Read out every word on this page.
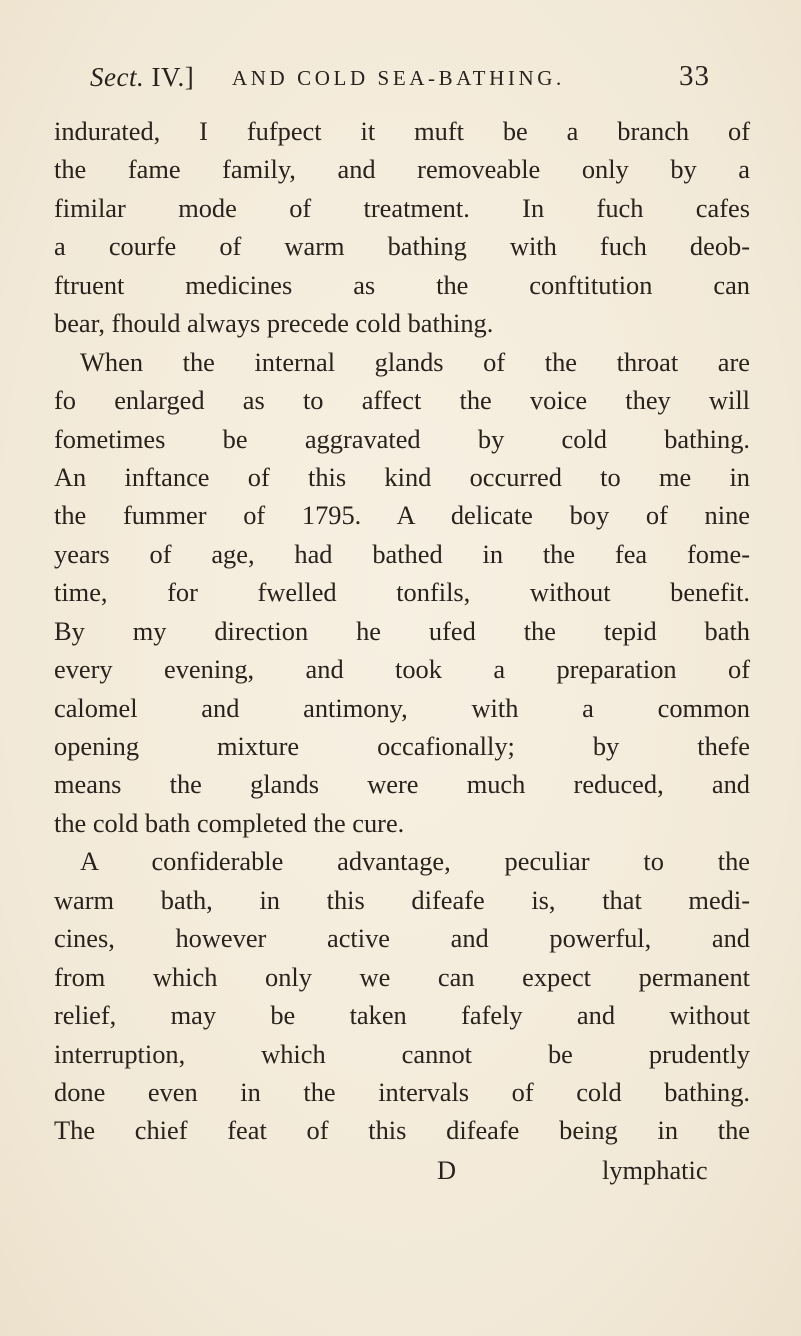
Sect. IV.] AND COLD SEA-BATHING.	33
indurated, I fufpect it muft be a branch of
the fame family, and removeable only by a
fimilar mode of treatment. In fuch cafes
a courfe of warm bathing with fuch deob-
ftruent medicines as the conftitution can
bear, fhould always precede cold bathing.
When the internal glands of the throat are
fo enlarged as to affect the voice they will
fometimes be aggravated by cold bathing.
An inftance of this kind occurred to me in
the fummer of 1795. A delicate boy of nine
years of age, had bathed in the fea fome-
time, for fwelled tonfils, without benefit.
By my direction he ufed the tepid bath
every evening, and took a preparation of
calomel and antimony, with a common
opening mixture occafionally; by thefe
means the glands were much reduced, and
the cold bath completed the cure.
A confiderable advantage, peculiar to the
warm bath, in this difeafe is, that medi-
cines, however active and powerful, and
from which only we can expect permanent
relief, may be taken fafely and without
interruption, which cannot be prudently
done even in the intervals of cold bathing.
The chief feat of this difeafe being in the
D	lymphatic
